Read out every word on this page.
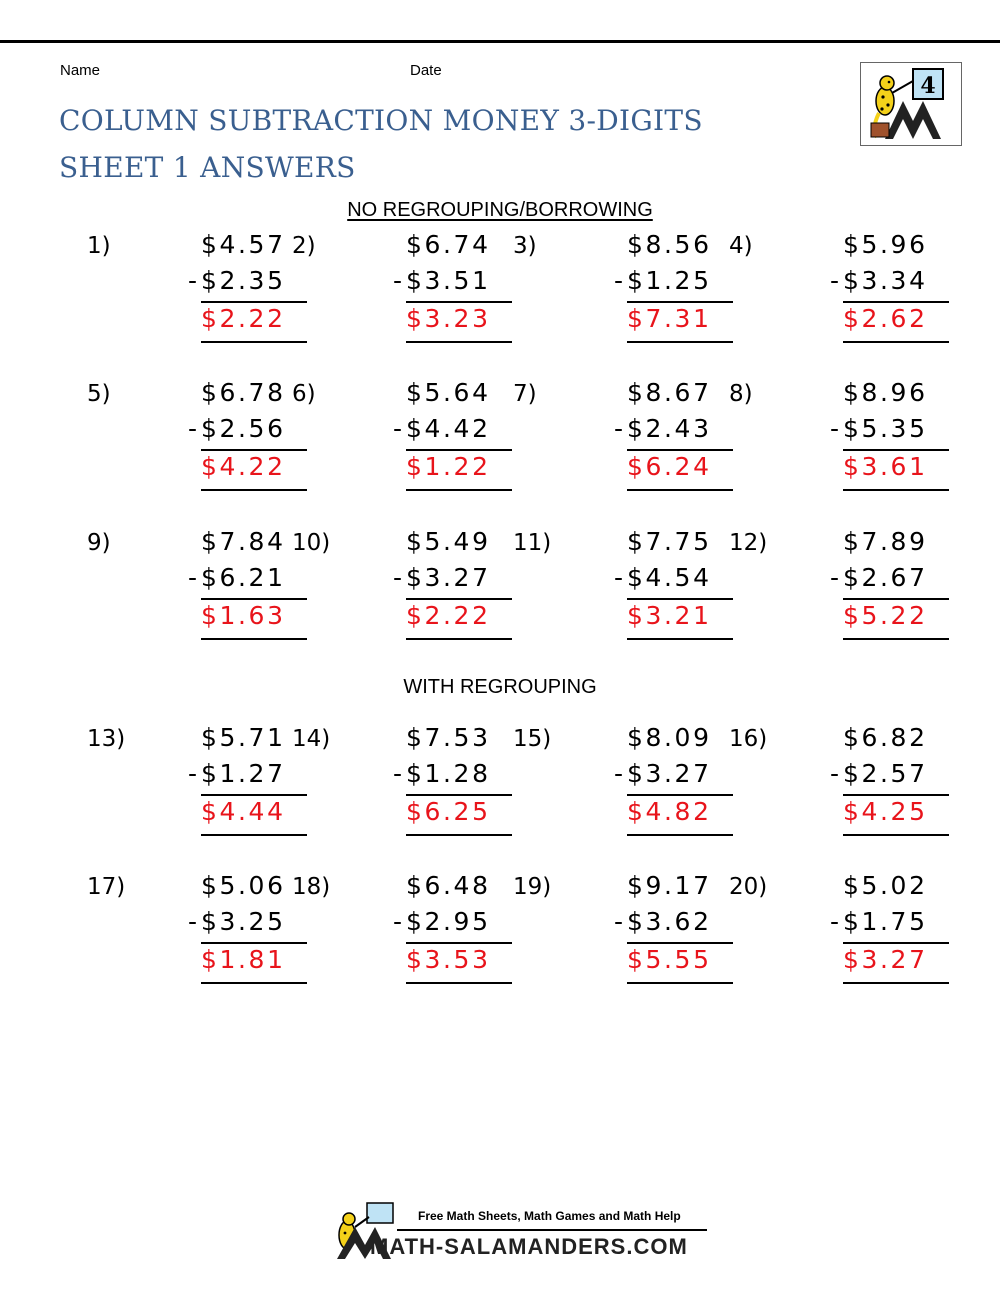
Name	Date
COLUMN SUBTRACTION MONEY 3-DIGITS
SHEET 1 ANSWERS
4
NO REGROUPING/BORROWING
WITH REGROUPING
1)	$4.57
- $2.35
$2.22
2)	$6.74
- $3.51
$3.23
3)	$8.56
- $1.25
$7.31
4)	$5.96
- $3.34
$2.62
5)	$6.78
- $2.56
$4.22
6)	$5.64
- $4.42
$1.22
7)	$8.67
- $2.43
$6.24
8)	$8.96
- $5.35
$3.61
9)	$7.84
- $6.21
$1.63
10)	$5.49
- $3.27
$2.22
11)	$7.75
- $4.54
$3.21
12)	$7.89
- $2.67
$5.22
13)	$5.71
- $1.27
$4.44
14)	$7.53
- $1.28
$6.25
15)	$8.09
- $3.27
$4.82
16)	$6.82
- $2.57
$4.25
17)	$5.06
- $3.25
$1.81
18)	$6.48
- $2.95
$3.53
19)	$9.17
- $3.62
$5.55
20)	$5.02
- $1.75
$3.27
Free Math Sheets, Math Games and Math Help
MATH-SALAMANDERS.COM
